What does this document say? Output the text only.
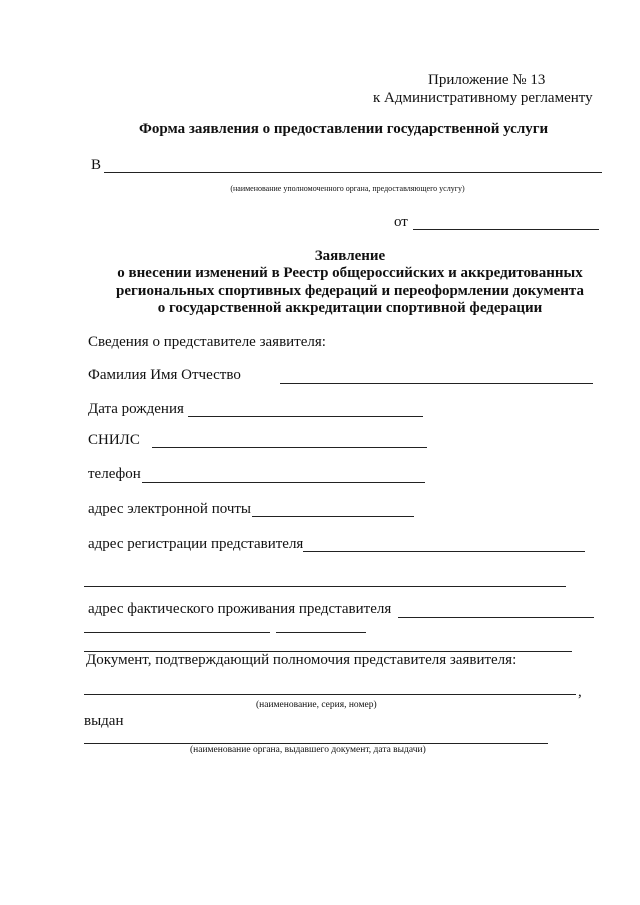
Приложение № 13
к Административному регламенту
Форма заявления о предоставлении государственной услуги
В
(наименование уполномоченного органа, предоставляющего услугу)
от
Заявление
о внесении изменений в Реестр общероссийских и аккредитованных
региональных спортивных федераций и переоформлении документа
о государственной аккредитации спортивной федерации
Сведения о представителе заявителя:
Фамилия Имя Отчество
Дата рождения
СНИЛС
телефон
адрес электронной почты
адрес регистрации представителя
адрес фактического проживания представителя
Документ, подтверждающий полномочия представителя заявителя:
,
(наименование, серия, номер)
выдан
(наименование органа, выдавшего документ, дата выдачи)
